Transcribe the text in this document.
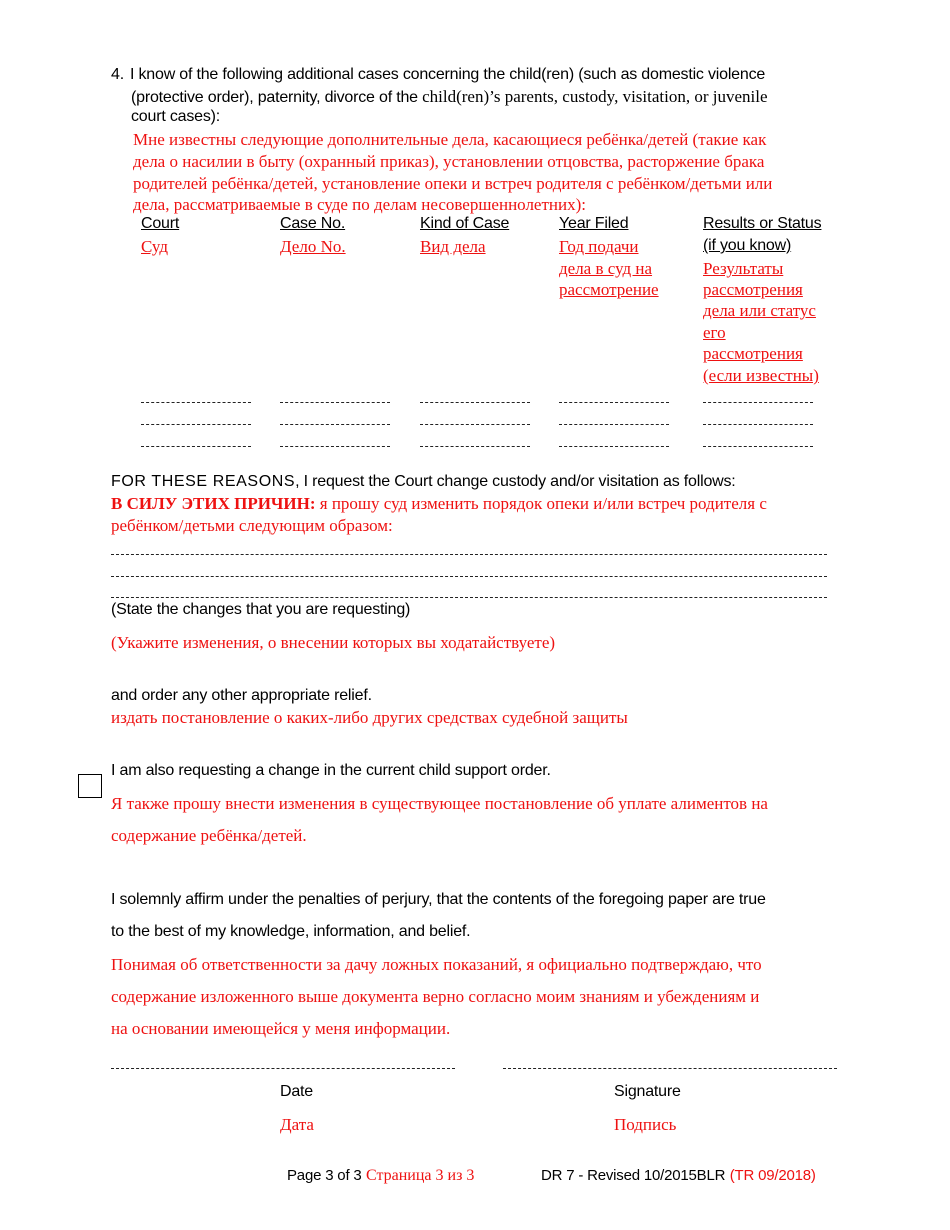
4. I know of the following additional cases concerning the child(ren) (such as domestic violence
(protective order), paternity, divorce of the child(ren)’s parents, custody, visitation, or juvenile
court cases):
Мне известны следующие дополнительные дела, касающиеся ребёнка/детей (такие как
дела о насилии в быту (охранный приказ), установлении отцовства, расторжение брака
родителей ребёнка/детей, установление опеки и встреч родителя с ребёнком/детьми или
дела, рассматриваемые в суде по делам несовершеннолетних):
Court
Суд
Case No.
Дело No.
Kind of Case
Вид дела
Year Filed
Год подачи
дела в суд на
рассмотрение
Results or Status
(if you know)
Результаты
рассмотрения
дела или статус
его
рассмотрения
(если известны)
FOR THESE REASONS, I request the Court change custody and/or visitation as follows:
В СИЛУ ЭТИХ ПРИЧИН: я прошу суд изменить порядок опеки и/или встреч родителя с
ребёнком/детьми следующим образом:
(State the changes that you are requesting)
(Укажите изменения, о внесении которых вы ходатайствуете)
and order any other appropriate relief.
издать постановление о каких-либо других средствах судебной защиты
I am also requesting a change in the current child support order.
Я также прошу внести изменения в существующее постановление об уплате алиментов на
содержание ребёнка/детей.
I solemnly affirm under the penalties of perjury, that the contents of the foregoing paper are true
to the best of my knowledge, information, and belief.
Понимая об ответственности за дачу ложных показаний, я официально подтверждаю, что
содержание изложенного выше документа верно согласно моим знаниям и убеждениям и
на основании имеющейся у меня информации.
Date
Дата
Signature
Подпись
Page 3 of 3 Страница 3 из 3	DR 7 - Revised 10/2015BLR (TR 09/2018)
